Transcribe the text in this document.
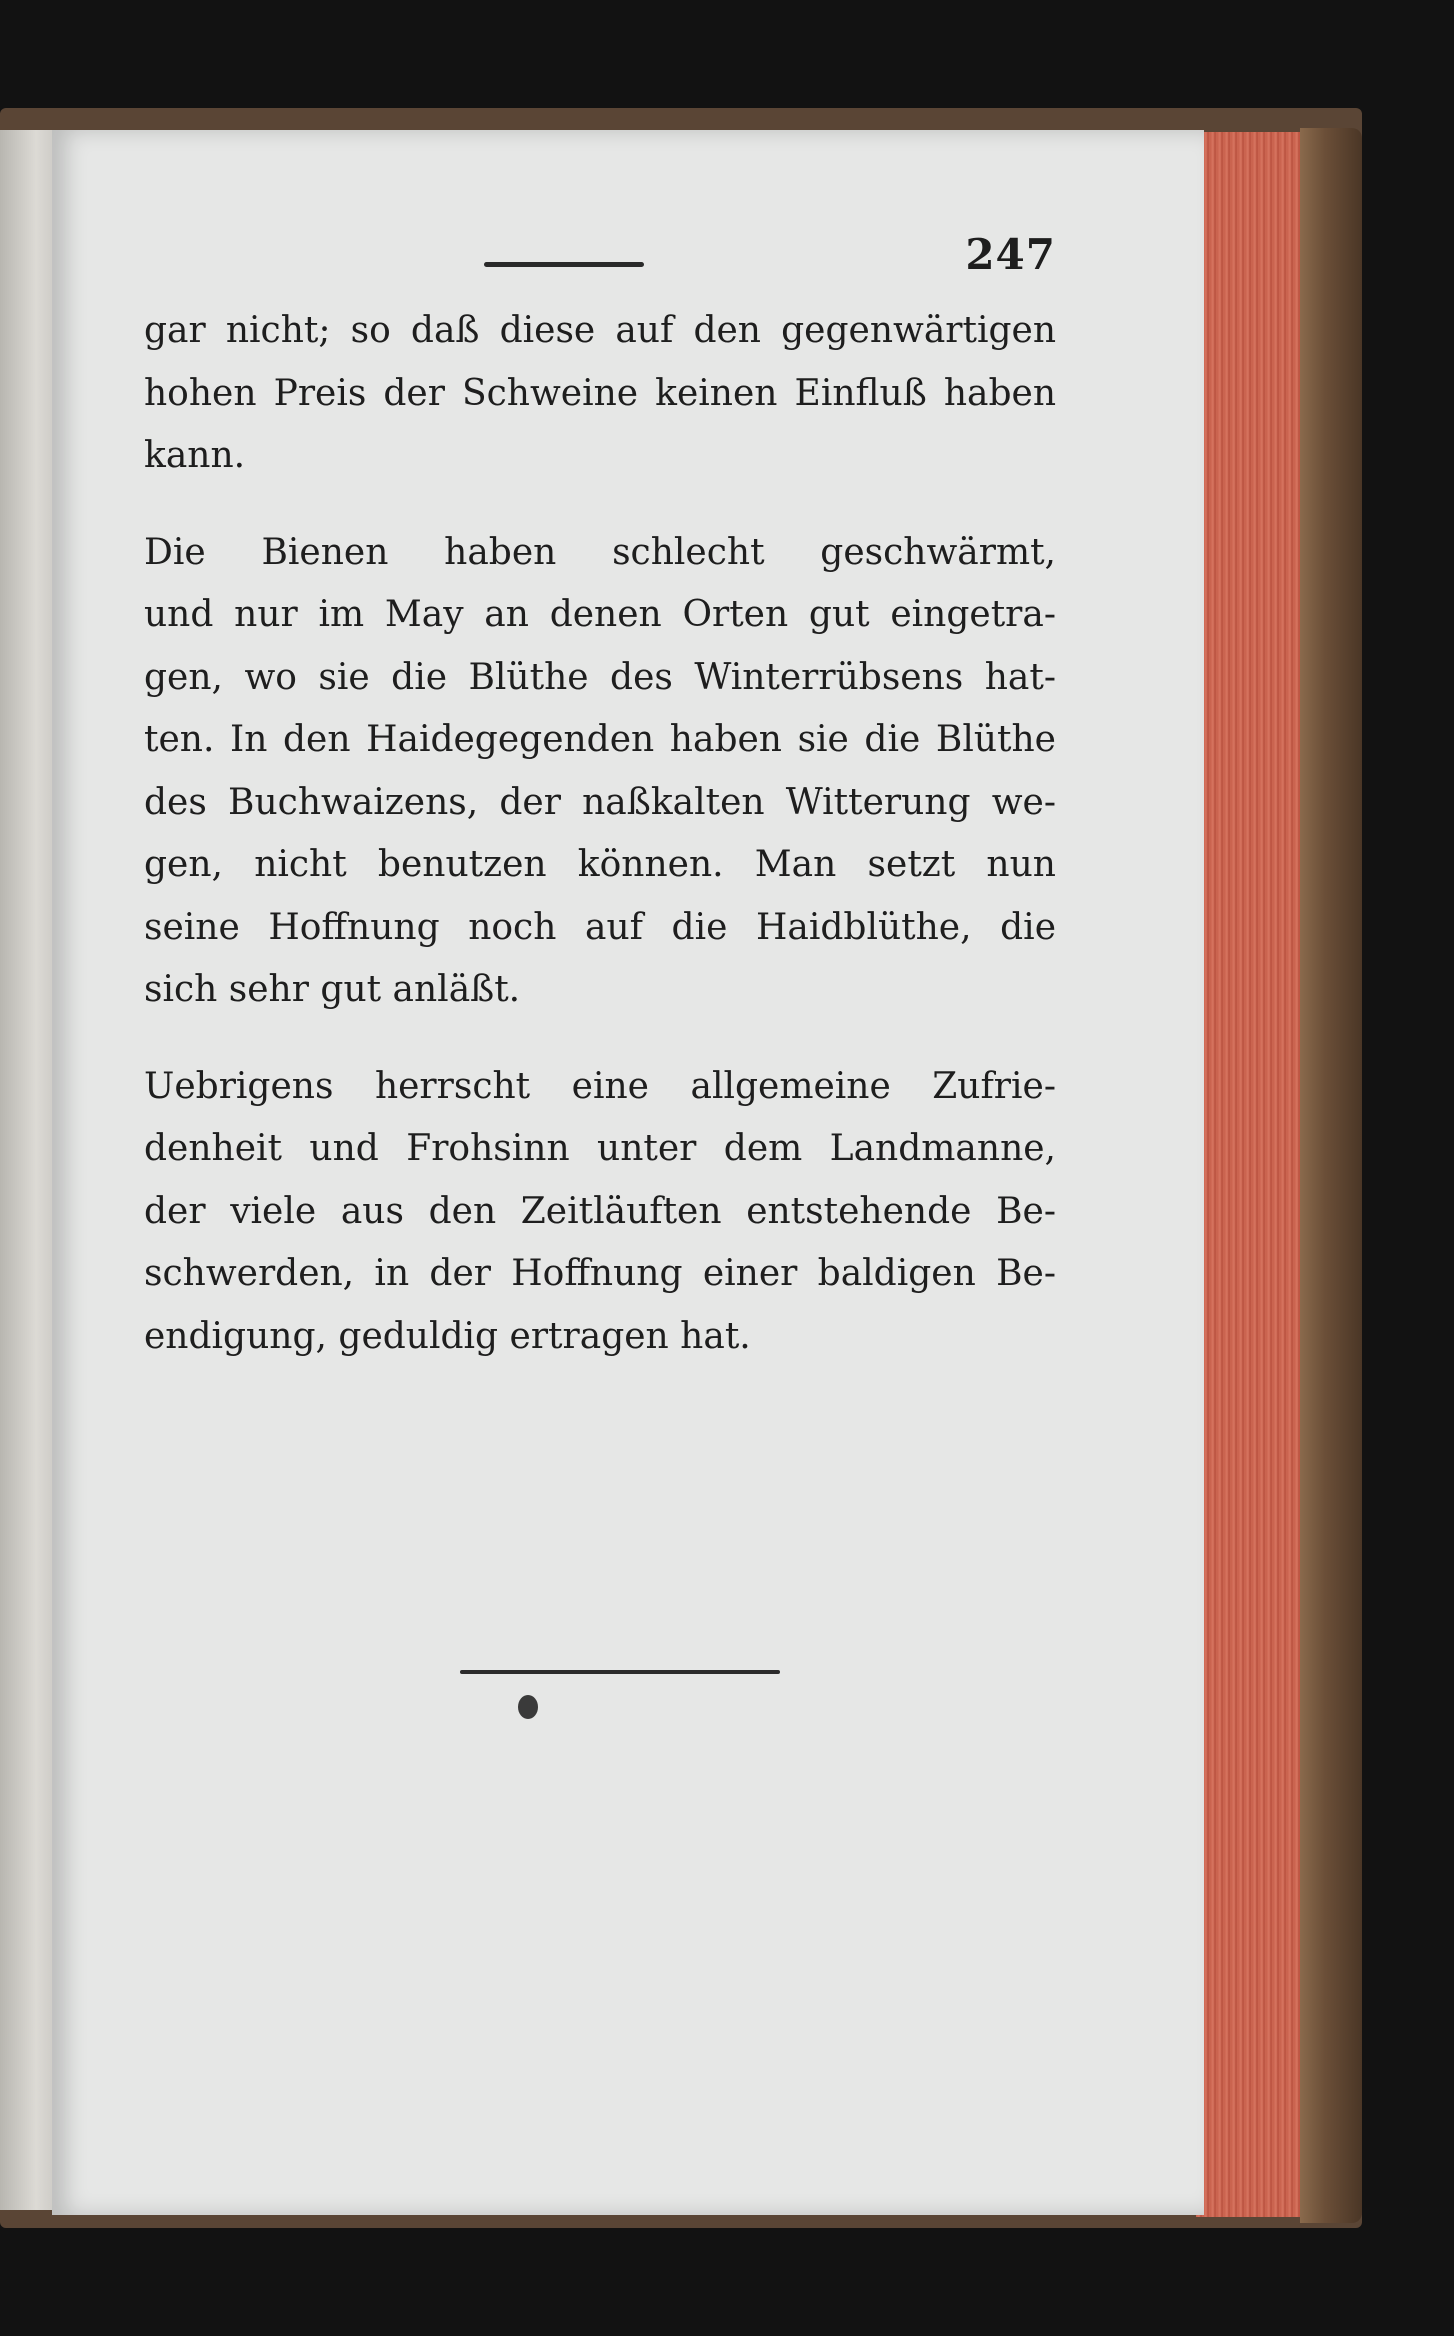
247

gar nicht; so daß diese auf den gegenwärtigen
hohen Preis der Schweine keinen Einfluß haben
kann.

Die Bienen haben schlecht geschwärmt,
und nur im May an denen Orten gut eingetra-
gen, wo sie die Blüthe des Winterrübsens hat-
ten. In den Haidegegenden haben sie die Blüthe
des Buchwaizens, der naßkalten Witterung we-
gen, nicht benutzen können. Man setzt nun
seine Hoffnung noch auf die Haidblüthe, die
sich sehr gut anläßt.

Uebrigens herrscht eine allgemeine Zufrie-
denheit und Frohsinn unter dem Landmanne,
der viele aus den Zeitläuften entstehende Be-
schwerden, in der Hoffnung einer baldigen Be-
endigung, geduldig ertragen hat.
